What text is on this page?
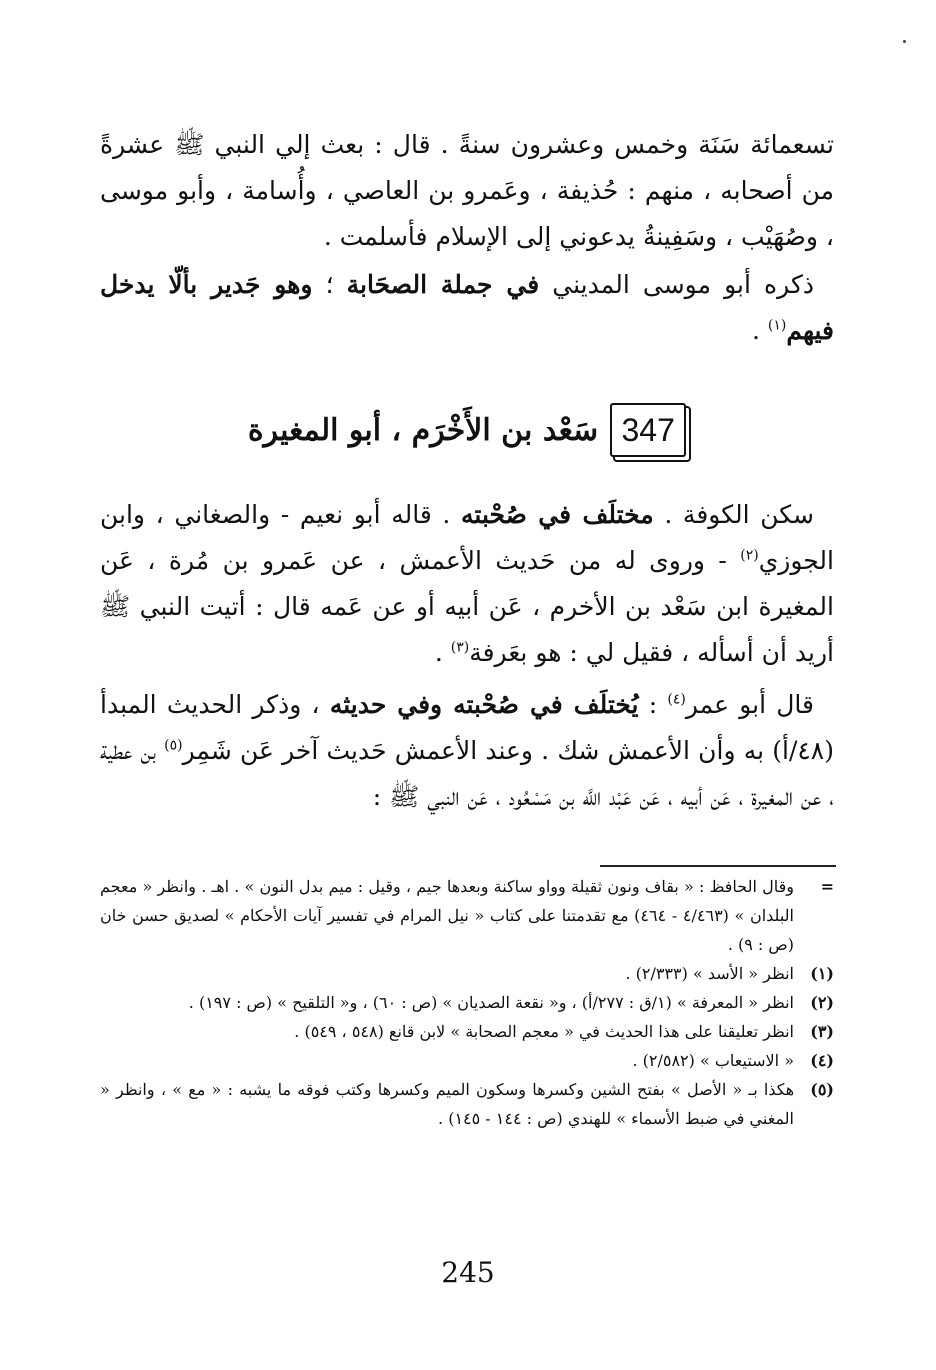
تسعمائة سَنَة وخمس وعشرون سنةً . قال : بعث إلي النبي ﷺ عشرةً من أصحابه ، منهم : حُذيفة ، وعَمرو بن العاصي ، وأُسامة ، وأبو موسى ، وصُهَيْب ، وسَفِينةُ يدعوني إلى الإسلام فأسلمت .

ذكره أبو موسى المديني في جملة الصحَابة ؛ وهو جَدير بألّا يدخل فيهم$^{(١)}$ .

347
سَعْد بن الأَخْرَم ، أبو المغيرة

سكن الكوفة . مختلَف في صُحْبته . قاله أبو نعيم - والصغاني ، وابن الجوزي$^{(٢)}$ - وروى له من حَديث الأعمش ، عن عَمرو بن مُرة ، عَن المغيرة ابن سَعْد بن الأخرم ، عَن أبيه أو عن عَمه قال : أتيت النبي ﷺ أريد أن أسأله ، فقيل لي : هو بعَرفة$^{(٣)}$ .

قال أبو عمر$^{(٤)}$ : يُختلَف في صُحْبته وفي حديثه ، وذكر الحديث المبدأ (٤٨/أ) به وأن الأعمش شك . وعند الأعمش حَديث آخر عَن شَمِر$^{(٥)}$ بن عطية ، عن المغيرة ، عَن أبيه ، عَن عَبْد اللَّه بن مَسْعُود ، عَن النبي ﷺ :

=
وقال الحافظ : « بقاف ونون ثقيلة وواو ساكنة وبعدها جيم ، وقيل : ميم بدل النون » . اهـ . وانظر « معجم البلدان » (٤/٤٦٣ - ٤٦٤) مع تقدمتنا على كتاب « نيل المرام في تفسير آيات الأحكام » لصديق حسن خان (ص : ٩) .
(١)
انظر « الأسد » (٢/٣٣٣) .
(٢)
انظر « المعرفة » (١/ق : ٢٧٧/أ) ، و« نقعة الصديان » (ص : ٦٠) ، و« التلقيح » (ص : ١٩٧) .
(٣)
انظر تعليقنا على هذا الحديث في « معجم الصحابة » لابن قانع (٥٤٨ ، ٥٤٩) .
(٤)
« الاستيعاب » (٢/٥٨٢) .
(٥)
هكذا بـ « الأصل » بفتح الشين وكسرها وسكون الميم وكسرها وكتب فوقه ما يشبه : « مع » ، وانظر « المغني في ضبط الأسماء » للهندي (ص : ١٤٤ - ١٤٥) .
245
